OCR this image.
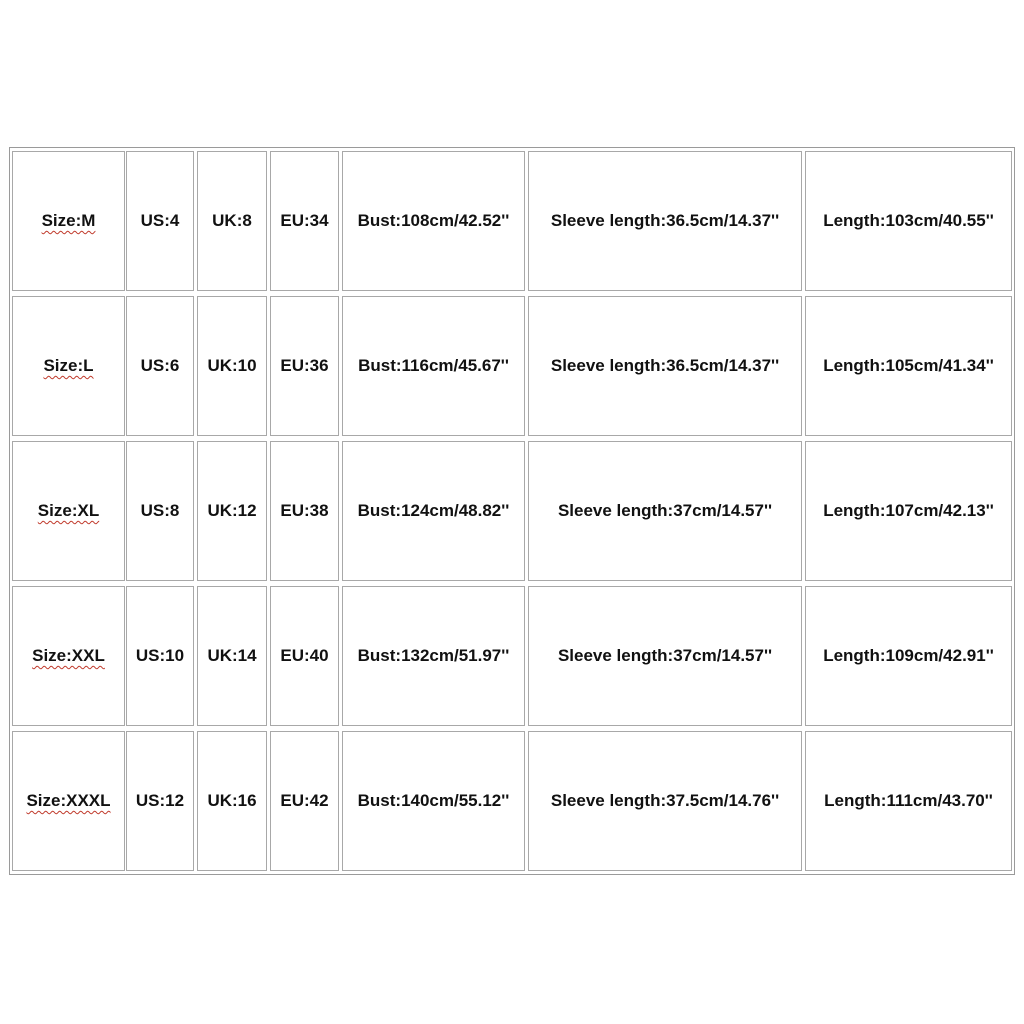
Size:M	US:4	UK:8	EU:34	Bust:108cm/42.52''	Sleeve length:36.5cm/14.37''	Length:103cm/40.55''
Size:L	US:6	UK:10	EU:36	Bust:116cm/45.67''	Sleeve length:36.5cm/14.37''	Length:105cm/41.34''
Size:XL	US:8	UK:12	EU:38	Bust:124cm/48.82''	Sleeve length:37cm/14.57''	Length:107cm/42.13''
Size:XXL	US:10	UK:14	EU:40	Bust:132cm/51.97''	Sleeve length:37cm/14.57''	Length:109cm/42.91''
Size:XXXL	US:12	UK:16	EU:42	Bust:140cm/55.12''	Sleeve length:37.5cm/14.76''	Length:111cm/43.70''
